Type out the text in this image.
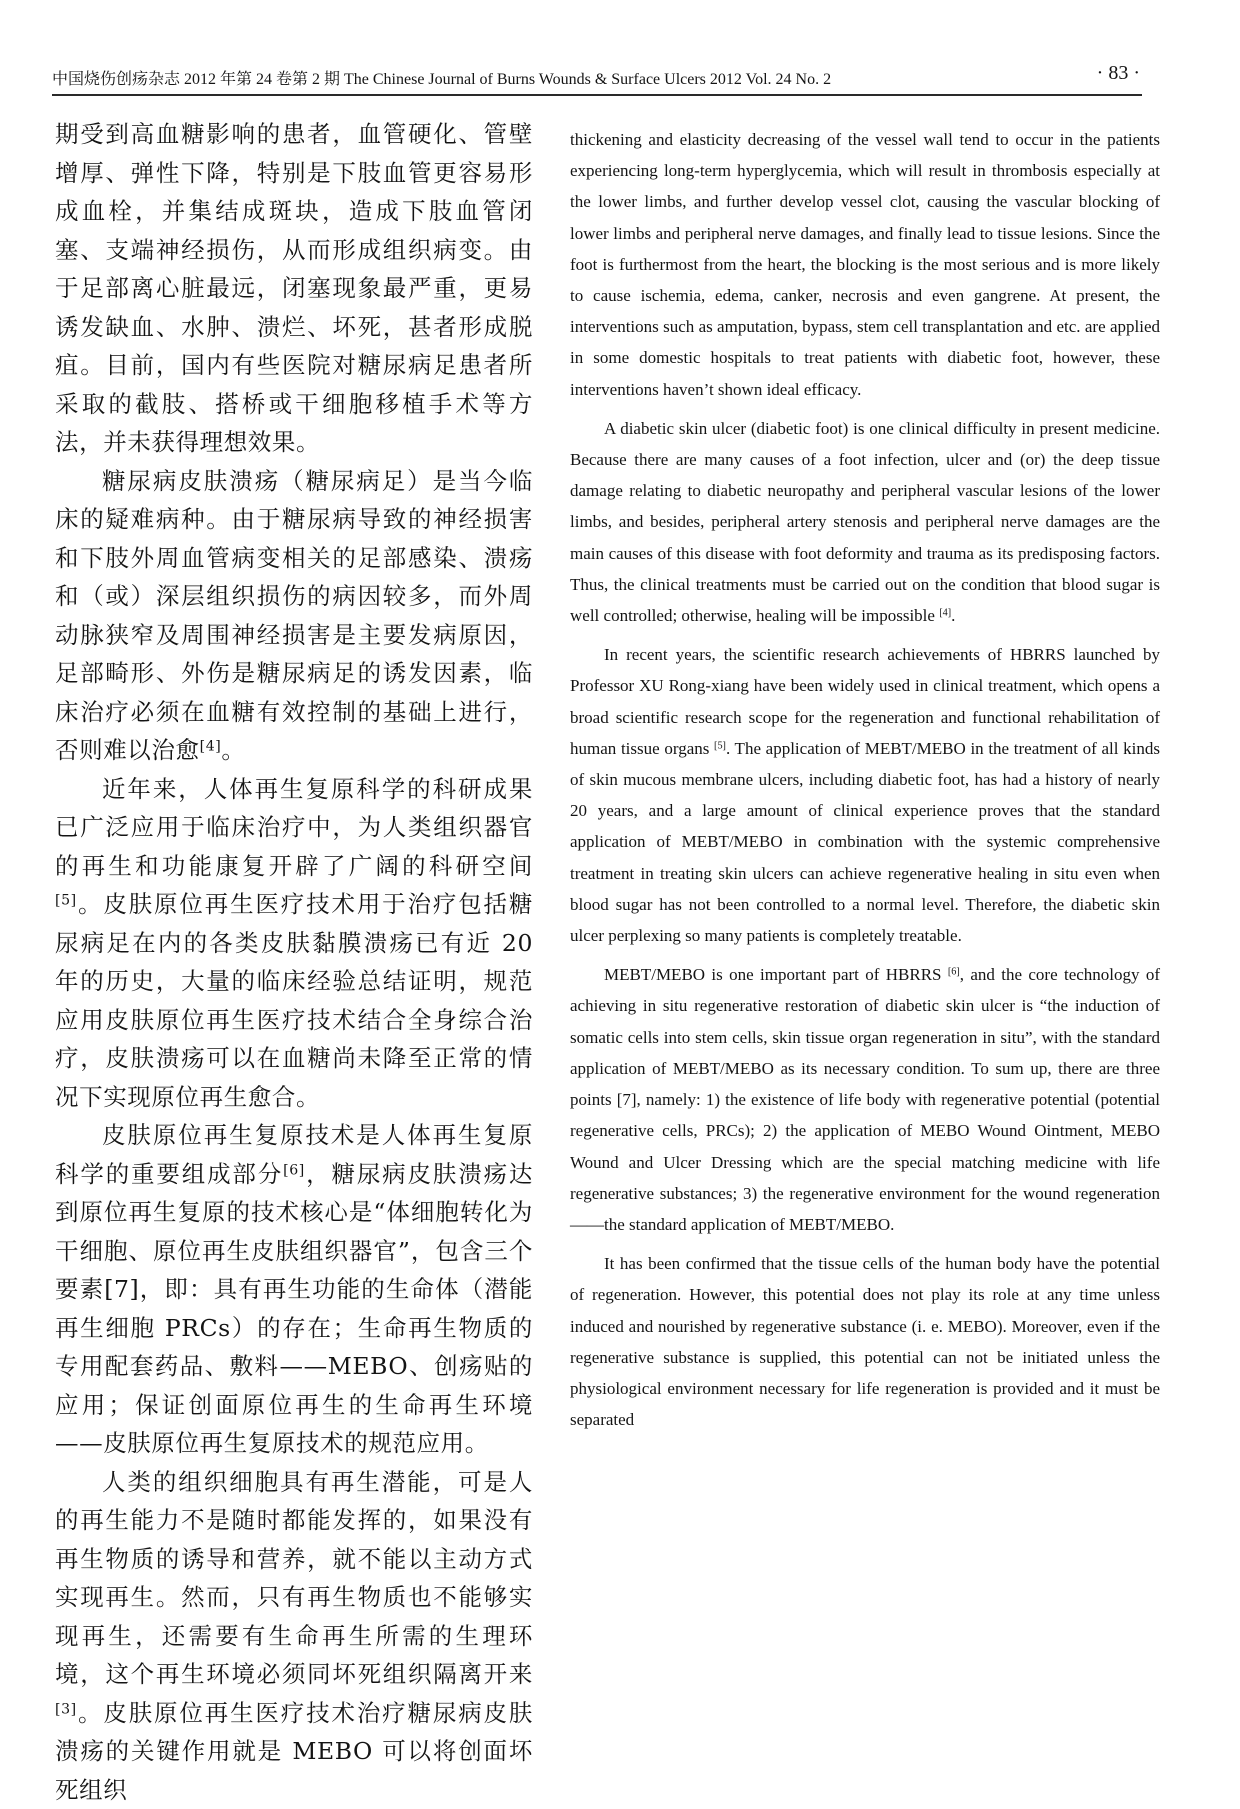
中国烧伤创疡杂志 2012 年第 24 卷第 2 期 The Chinese Journal of Burns Wounds & Surface Ulcers 2012 Vol. 24 No. 2	· 83 ·

期受到高血糖影响的患者，血管硬化、管壁增厚、弹性下降，特别是下肢血管更容易形成血栓，并集结成斑块，造成下肢血管闭塞、支端神经损伤，从而形成组织病变。由于足部离心脏最远，闭塞现象最严重，更易诱发缺血、水肿、溃烂、坏死，甚者形成脱疽。目前，国内有些医院对糖尿病足患者所采取的截肢、搭桥或干细胞移植手术等方法，并未获得理想效果。

糖尿病皮肤溃疡（糖尿病足）是当今临床的疑难病种。由于糖尿病导致的神经损害和下肢外周血管病变相关的足部感染、溃疡和（或）深层组织损伤的病因较多，而外周动脉狭窄及周围神经损害是主要发病原因，足部畸形、外伤是糖尿病足的诱发因素，临床治疗必须在血糖有效控制的基础上进行，否则难以治愈[4]。

近年来，人体再生复原科学的科研成果已广泛应用于临床治疗中，为人类组织器官的再生和功能康复开辟了广阔的科研空间[5]。皮肤原位再生医疗技术用于治疗包括糖尿病足在内的各类皮肤黏膜溃疡已有近 20 年的历史，大量的临床经验总结证明，规范应用皮肤原位再生医疗技术结合全身综合治疗，皮肤溃疡可以在血糖尚未降至正常的情况下实现原位再生愈合。

皮肤原位再生复原技术是人体再生复原科学的重要组成部分[6]，糖尿病皮肤溃疡达到原位再生复原的技术核心是“体细胞转化为干细胞、原位再生皮肤组织器官”，包含三个要素[7]，即：具有再生功能的生命体（潜能再生细胞 PRCs）的存在；生命再生物质的专用配套药品、敷料——MEBO、创疡贴的应用；保证创面原位再生的生命再生环境——皮肤原位再生复原技术的规范应用。

人类的组织细胞具有再生潜能，可是人的再生能力不是随时都能发挥的，如果没有再生物质的诱导和营养，就不能以主动方式实现再生。然而，只有再生物质也不能够实现再生，还需要有生命再生所需的生理环境，这个再生环境必须同坏死组织隔离开来[3]。皮肤原位再生医疗技术治疗糖尿病皮肤溃疡的关键作用就是 MEBO 可以将创面坏死组织

thickening and elasticity decreasing of the vessel wall tend to occur in the patients experiencing long-term hyperglycemia, which will result in thrombosis especially at the lower limbs, and further develop vessel clot, causing the vascular blocking of lower limbs and peripheral nerve damages, and finally lead to tissue lesions. Since the foot is furthermost from the heart, the blocking is the most serious and is more likely to cause ischemia, edema, canker, necrosis and even gangrene. At present, the interventions such as amputation, bypass, stem cell transplantation and etc. are applied in some domestic hospitals to treat patients with diabetic foot, however, these interventions haven’t shown ideal efficacy.

A diabetic skin ulcer (diabetic foot) is one clinical difficulty in present medicine. Because there are many causes of a foot infection, ulcer and (or) the deep tissue damage relating to diabetic neuropathy and peripheral vascular lesions of the lower limbs, and besides, peripheral artery stenosis and peripheral nerve damages are the main causes of this disease with foot deformity and trauma as its predisposing factors. Thus, the clinical treatments must be carried out on the condition that blood sugar is well controlled; otherwise, healing will be impossible [4].

In recent years, the scientific research achievements of HBRRS launched by Professor XU Rong-xiang have been widely used in clinical treatment, which opens a broad scientific research scope for the regeneration and functional rehabilitation of human tissue organs [5]. The application of MEBT/MEBO in the treatment of all kinds of skin mucous membrane ulcers, including diabetic foot, has had a history of nearly 20 years, and a large amount of clinical experience proves that the standard application of MEBT/MEBO in combination with the systemic comprehensive treatment in treating skin ulcers can achieve regenerative healing in situ even when blood sugar has not been controlled to a normal level. Therefore, the diabetic skin ulcer perplexing so many patients is completely treatable.

MEBT/MEBO is one important part of HBRRS [6], and the core technology of achieving in situ regenerative restoration of diabetic skin ulcer is “the induction of somatic cells into stem cells, skin tissue organ regeneration in situ”, with the standard application of MEBT/MEBO as its necessary condition. To sum up, there are three points [7], namely: 1) the existence of life body with regenerative potential (potential regenerative cells, PRCs); 2) the application of MEBO Wound Ointment, MEBO Wound and Ulcer Dressing which are the special matching medicine with life regenerative substances; 3) the regenerative environment for the wound regeneration——the standard application of MEBT/MEBO.

It has been confirmed that the tissue cells of the human body have the potential of regeneration. However, this potential does not play its role at any time unless induced and nourished by regenerative substance (i. e. MEBO). Moreover, even if the regenerative substance is supplied, this potential can not be initiated unless the physiological environment necessary for life regeneration is provided and it must be separated
